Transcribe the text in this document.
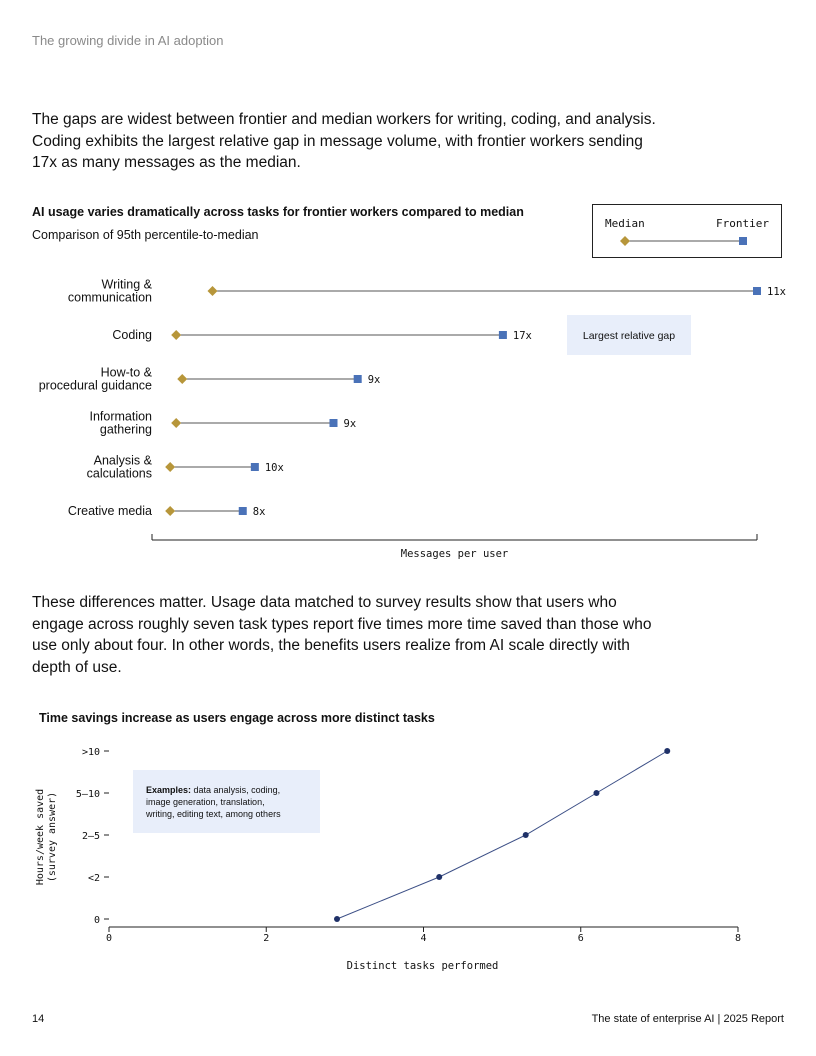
The growing divide in AI adoption
The gaps are widest between frontier and median workers for writing, coding, and analysis. Coding exhibits the largest relative gap in message volume, with frontier workers sending 17x as many messages as the median.
AI usage varies dramatically across tasks for frontier workers compared to median
Comparison of 95th percentile-to-median
Median	Frontier
11x
Writing & communication
Largest relative gap
17x
Coding
9x
How-to & procedural guidance
9x
Information gathering
10x
Analysis & calculations
8x
Creative media
Messages per user
These differences matter. Usage data matched to survey results show that users who engage across roughly seven task types report five times more time saved than those who use only about four. In other words, the benefits users realize from AI scale directly with depth of use.
Time savings increase as users engage across more distinct tasks
Examples: data analysis, coding,
image generation, translation,
writing, editing text, among others
0
<2
2–5
5–10
>10
0	2	4	6	8
Distinct tasks performed
Hours/week saved(survey answer)
14	The state of enterprise AI | 2025 Report
